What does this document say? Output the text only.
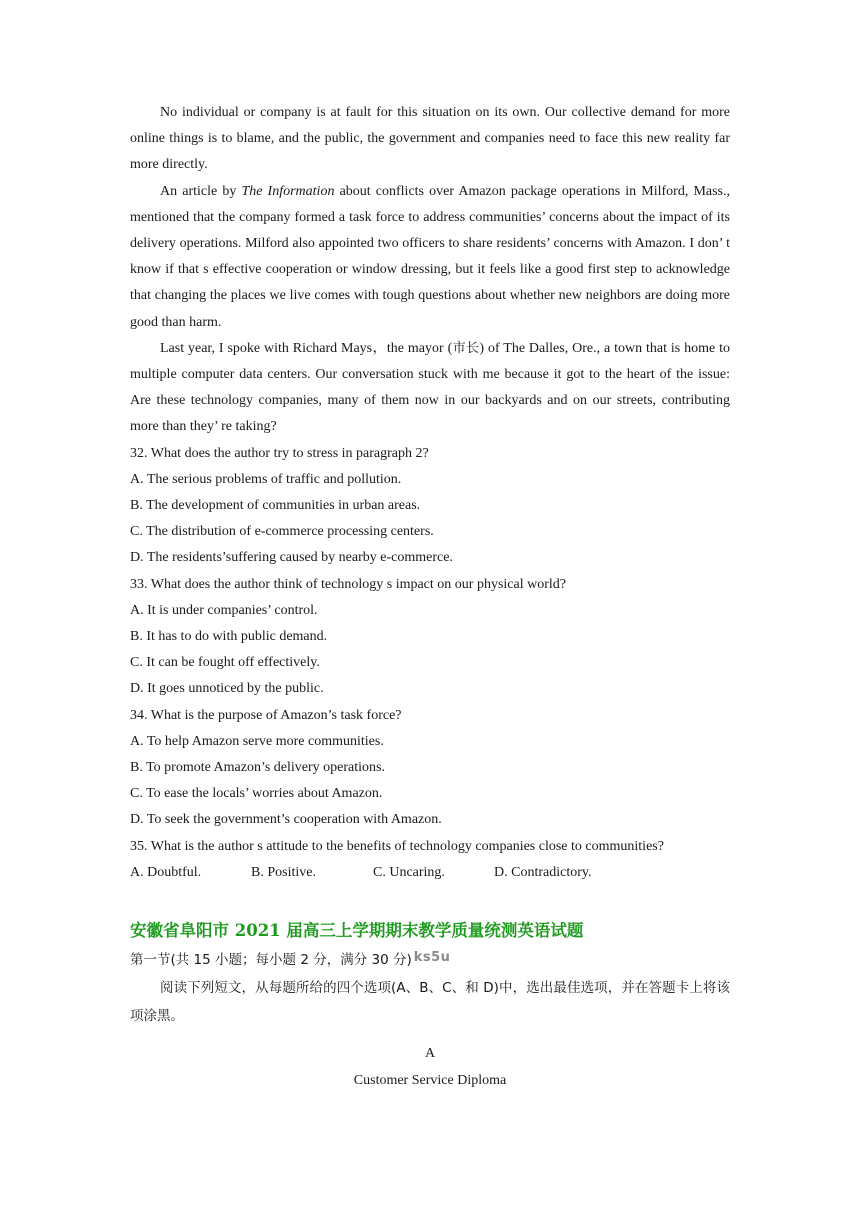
No individual or company is at fault for this situation on its own. Our collective demand for more online things is to blame, and the public, the government and companies need to face this new reality far more directly.

An article by The Information about conflicts over Amazon package operations in Milford, Mass., mentioned that the company formed a task force to address communities’ concerns about the impact of its delivery operations. Milford also appointed two officers to share residents’ concerns with Amazon. I don’ t know if that s effective cooperation or window dressing, but it feels like a good first step to acknowledge that changing the places we live comes with tough questions about whether new neighbors are doing more good than harm.

Last year, I spoke with Richard Mays，the mayor (市长) of The Dalles, Ore., a town that is home to multiple computer data centers. Our conversation stuck with me because it got to the heart of the issue: Are these technology companies, many of them now in our backyards and on our streets, contributing more than they’ re taking?

32. What does the author try to stress in paragraph 2?

A. The serious problems of traffic and pollution.

B. The development of communities in urban areas.

C. The distribution of e-commerce processing centers.

D. The residents’suffering caused by nearby e-commerce.

33. What does the author think of technology s impact on our physical world?

A. It is under companies’ control.

B. It has to do with public demand.

C. It can be fought off effectively.

D. It goes unnoticed by the public.

34. What is the purpose of Amazon’s task force?

A. To help Amazon serve more communities.

B. To promote Amazon’s delivery operations.

C. To ease the locals’ worries about Amazon.

D. To seek the government’s cooperation with Amazon.

35. What is the author s attitude to the benefits of technology companies close to communities?

A. Doubtful.	B. Positive.	C. Uncaring.	D. Contradictory.
安徽省阜阳市 2021 届高三上学期期末教学质量统测英语试题
第一节(共 15 小题；每小题 2 分，满分 30 分) ks5u

阅读下列短文，从每题所给的四个选项(A、B、C、和 D)中，选出最佳选项，并在答题卡上将该项涂黑。

A

Customer Service Diploma
